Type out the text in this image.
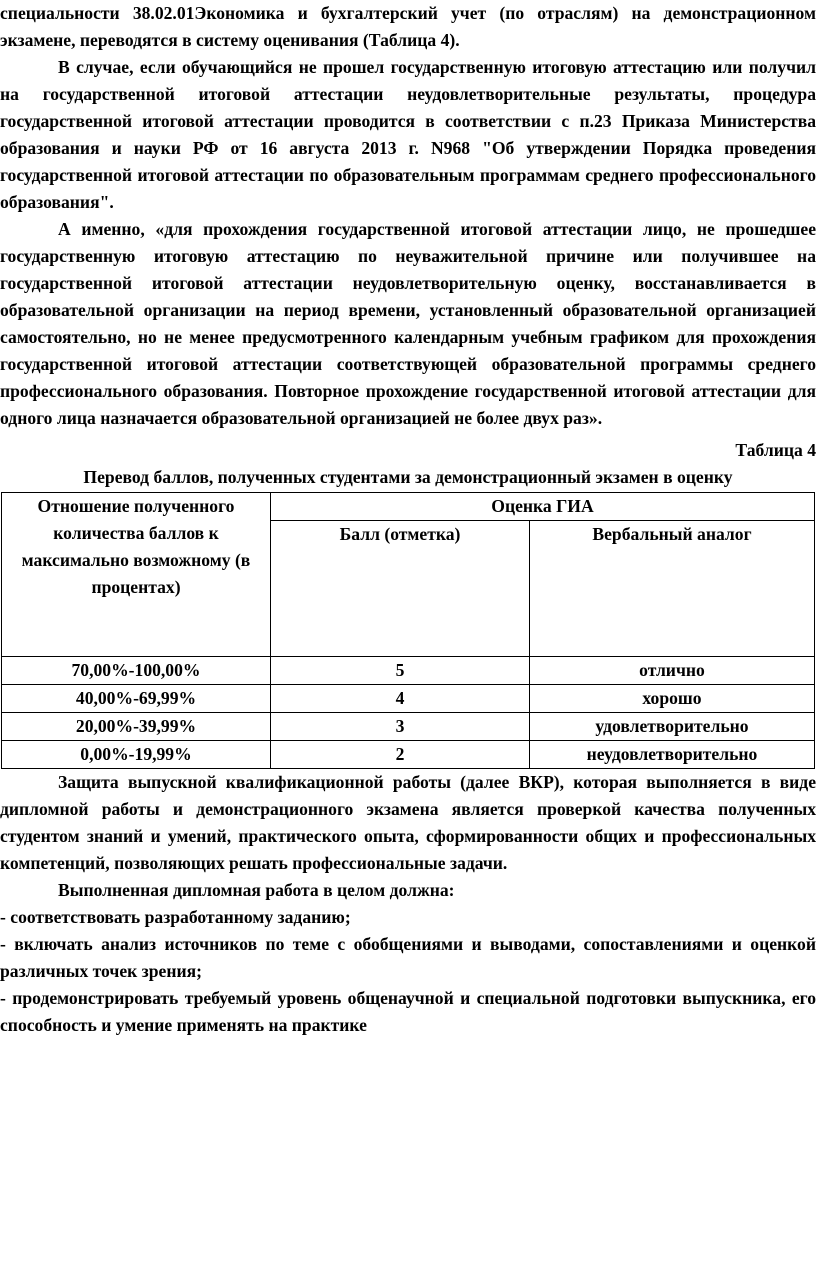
специальности 38.02.01Экономика и бухгалтерский учет (по отраслям) на демонстрационном экзамене, переводятся в систему оценивания (Таблица 4).

В случае, если обучающийся не прошел государственную итоговую аттестацию или получил на государственной итоговой аттестации неудовлетворительные результаты, процедура государственной итоговой аттестации проводится в соответствии с п.23 Приказа Министерства образования и науки РФ от 16 августа 2013 г. N968 "Об утверждении Порядка проведения государственной итоговой аттестации по образовательным программам среднего профессионального образования".

А именно, «для прохождения государственной итоговой аттестации лицо, не прошедшее государственную итоговую аттестацию по неуважительной причине или получившее на государственной итоговой аттестации неудовлетворительную оценку, восстанавливается в образовательной организации на период времени, установленный образовательной организацией самостоятельно, но не менее предусмотренного календарным учебным графиком для прохождения государственной итоговой аттестации соответствующей образовательной программы среднего профессионального образования. Повторное прохождение государственной итоговой аттестации для одного лица назначается образовательной организацией не более двух раз».

Таблица 4

Перевод баллов, полученных студентами за демонстрационный экзамен в оценку

Отношение полученного количества баллов к максимально возможному (в процентах)	Оценка ГИА	
	Балл (отметка)	Вербальный аналог
70,00%-100,00%	5	отлично
40,00%-69,99%	4	хорошо
20,00%-39,99%	3	удовлетворительно
0,00%-19,99%	2	неудовлетворительно

Защита выпускной квалификационной работы (далее ВКР), которая выполняется в виде дипломной работы и демонстрационного экзамена является проверкой качества полученных студентом знаний и умений, практического опыта, сформированности общих и профессиональных компетенций, позволяющих решать профессиональные задачи.

Выполненная дипломная работа в целом должна:

- соответствовать разработанному заданию;

- включать анализ источников по теме с обобщениями и выводами, сопоставлениями и оценкой различных точек зрения;

- продемонстрировать требуемый уровень общенаучной и специальной подготовки выпускника, его способность и умение применять на практике
